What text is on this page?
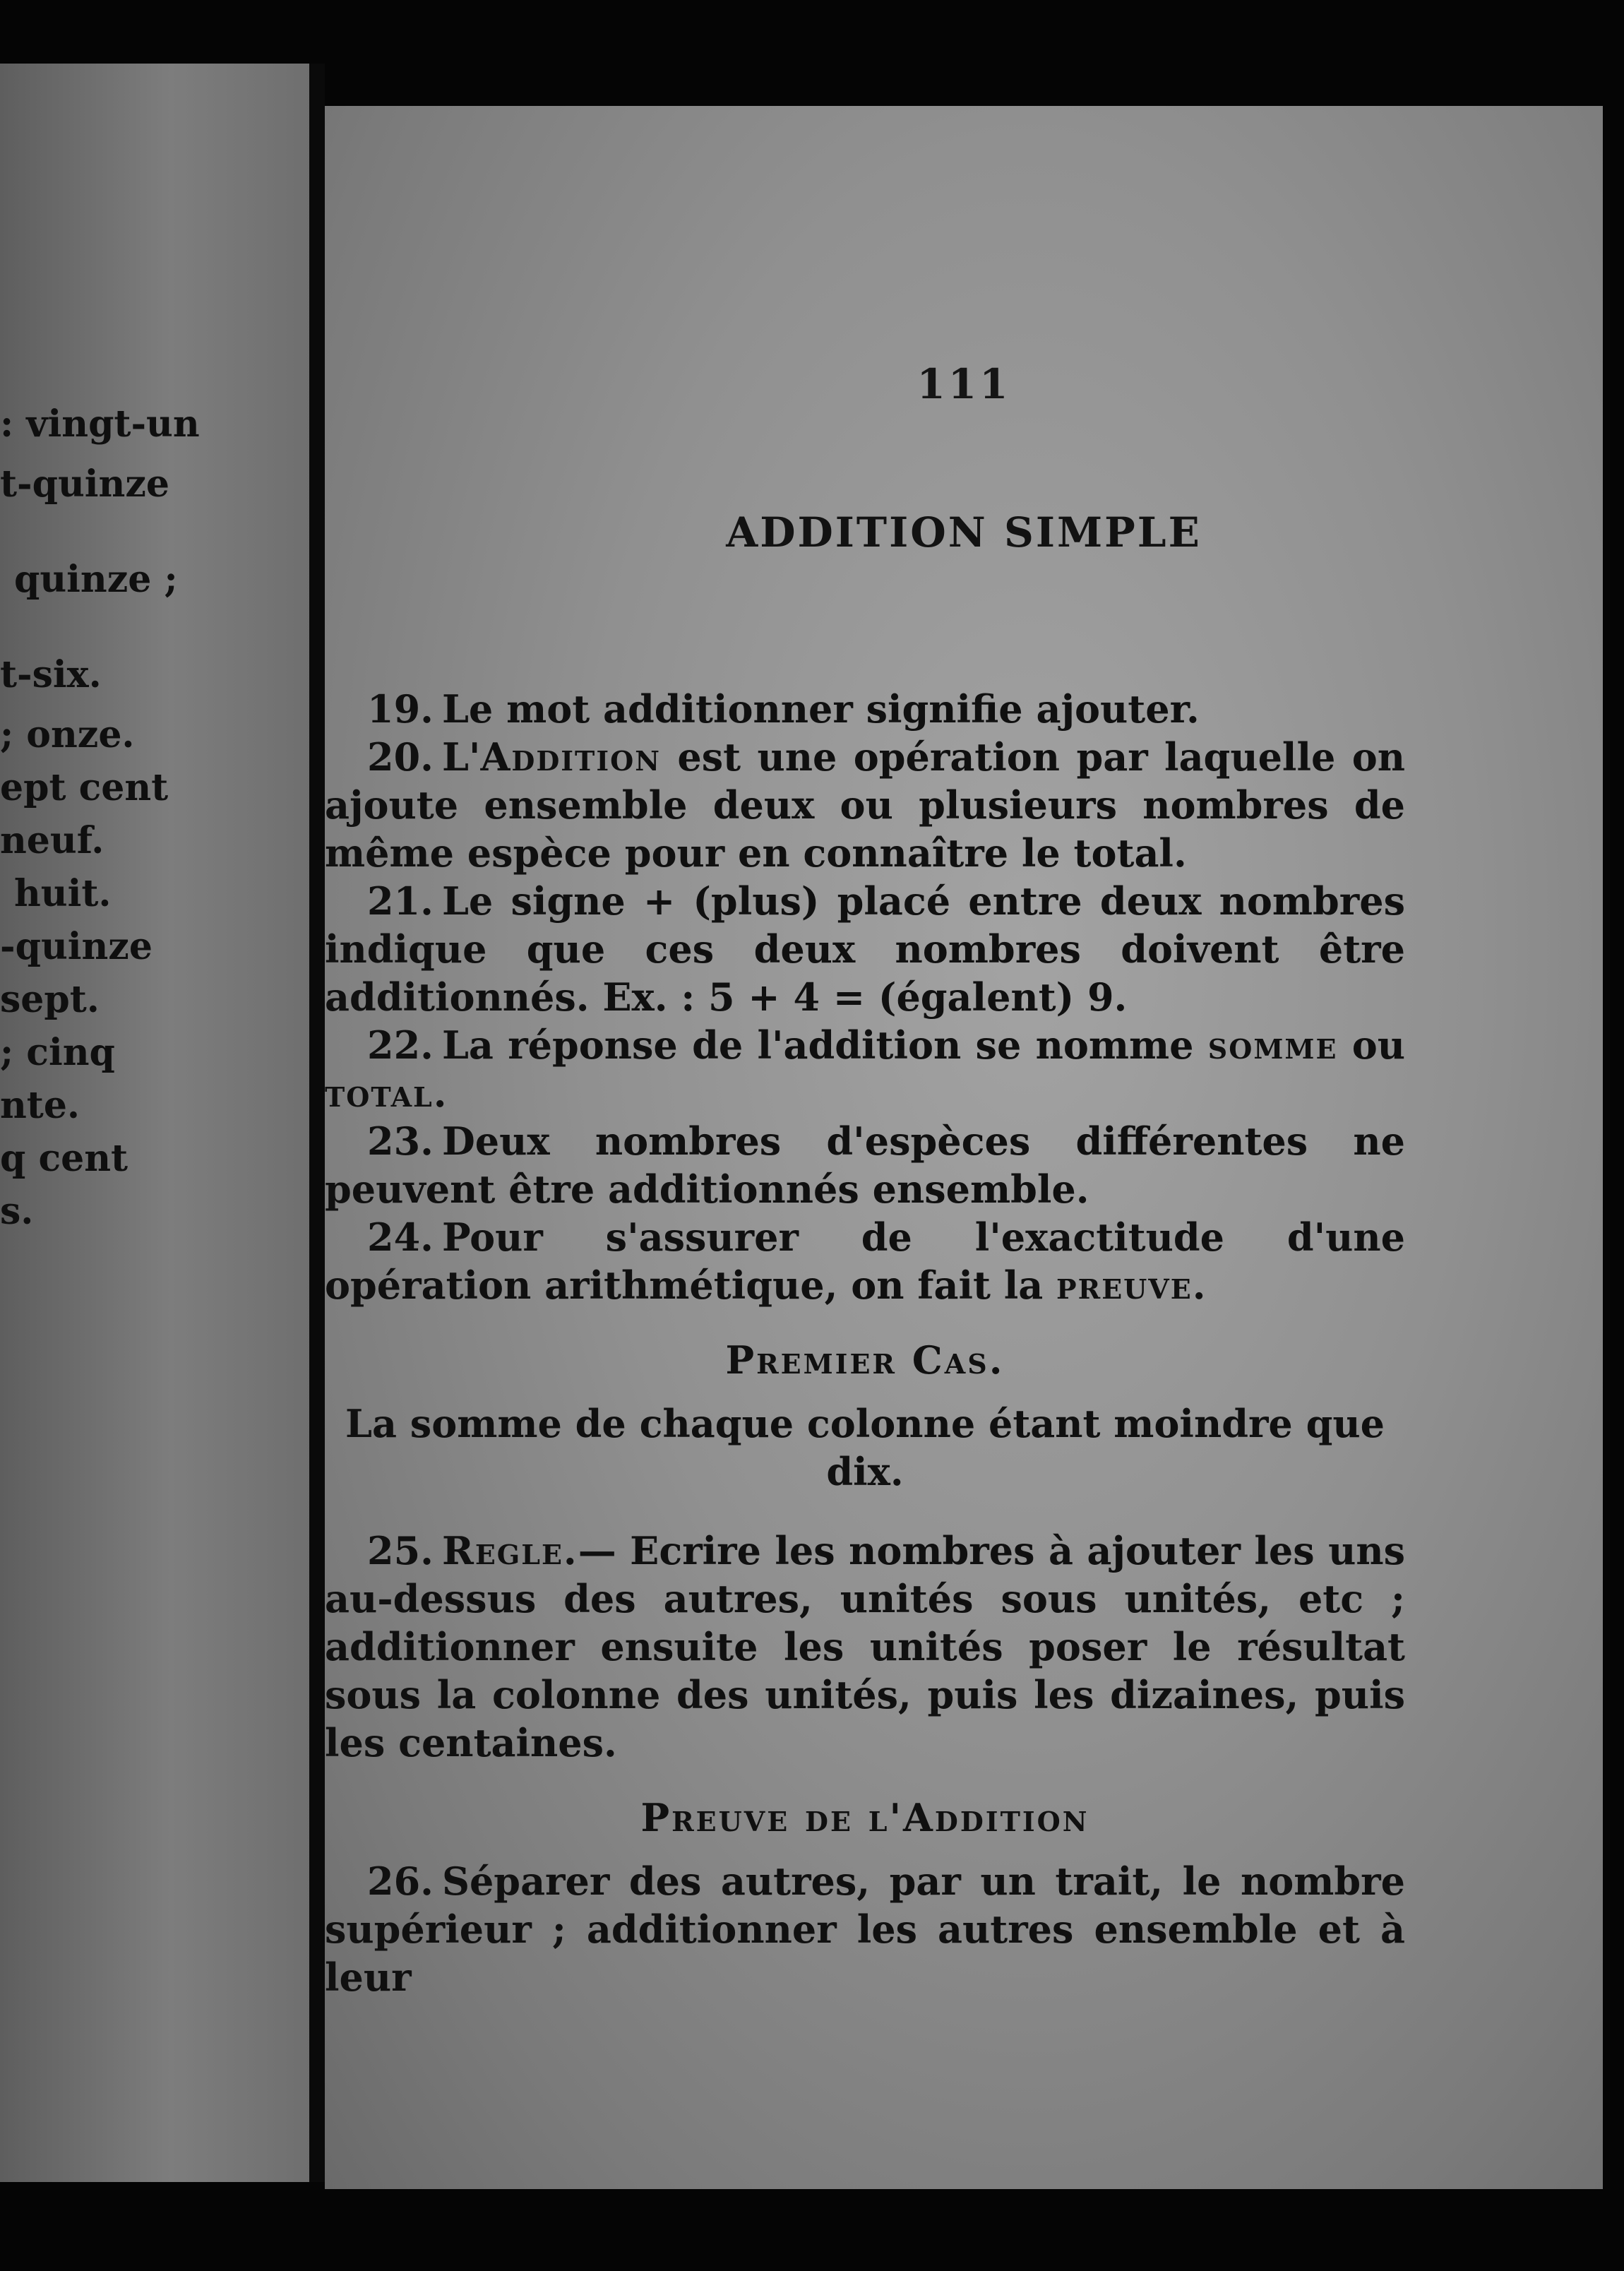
: vingt-un
t-quinze
quinze ;
t-six.
; onze.
ept cent
neuf.
huit.
-quinze
sept.
; cinq
nte.
q cent
s.
111
ADDITION SIMPLE

19. Le mot additionner signifie ajouter.

20. L'Addition est une opération par laquelle on ajoute ensemble deux ou plusieurs nombres de même espèce pour en connaître le total.

21. Le signe + (plus) placé entre deux nombres indique que ces deux nombres doivent être additionnés. Ex. : 5 + 4 = (égalent) 9.

22. La réponse de l'addition se nomme somme ou total.

23. Deux nombres d'espèces différentes ne peuvent être additionnés ensemble.

24. Pour s'assurer de l'exactitude d'une opération arithmétique, on fait la preuve.

Premier Cas.

La somme de chaque colonne étant moindre que dix.

25. Regle.— Ecrire les nombres à ajouter les uns au-dessus des autres, unités sous unités, etc ; additionner ensuite les unités poser le résultat sous la colonne des unités, puis les dizaines, puis les centaines.

Preuve de l'Addition

26. Séparer des autres, par un trait, le nombre supérieur ; additionner les autres ensemble et à leur
